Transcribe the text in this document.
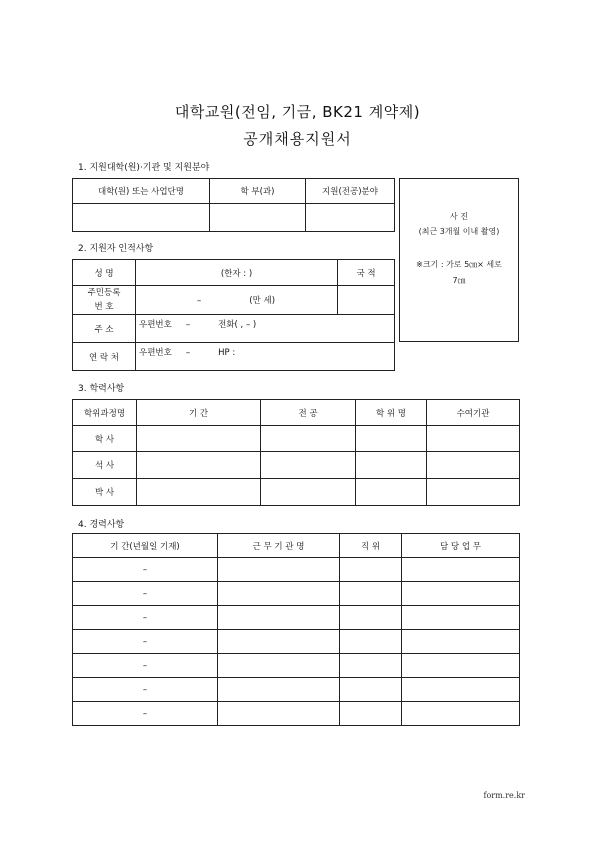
대학교원(전임, 기금, BK21 계약제)
공개채용지원서
1. 지원대학(원)·기관 및 지원분야
대학(원) 또는 사업단명	학 부(과)	지원(전공)분야

사 진
(최근 3개월 이내 촬영)
※크기 : 가로 5㎝× 세로
7㎝
2. 지원자 인적사항
성 명	(한자 : )	국 적
주민등록
번 호	– (만 세)	
주 소	우편번호 – 전화( , – )	
연 락 처	우편번호 – HP :	
3. 학력사항
학위과정명	기 간	전 공	학 위 명	수여기관
학 사				
석 사				
박 사				
4. 경력사항
기 간(년월일 기재)	근 무 기 관 명	직 위	담 당 업 무
–			
–			
–			
–			
–			
–			
–			
form.re.kr
